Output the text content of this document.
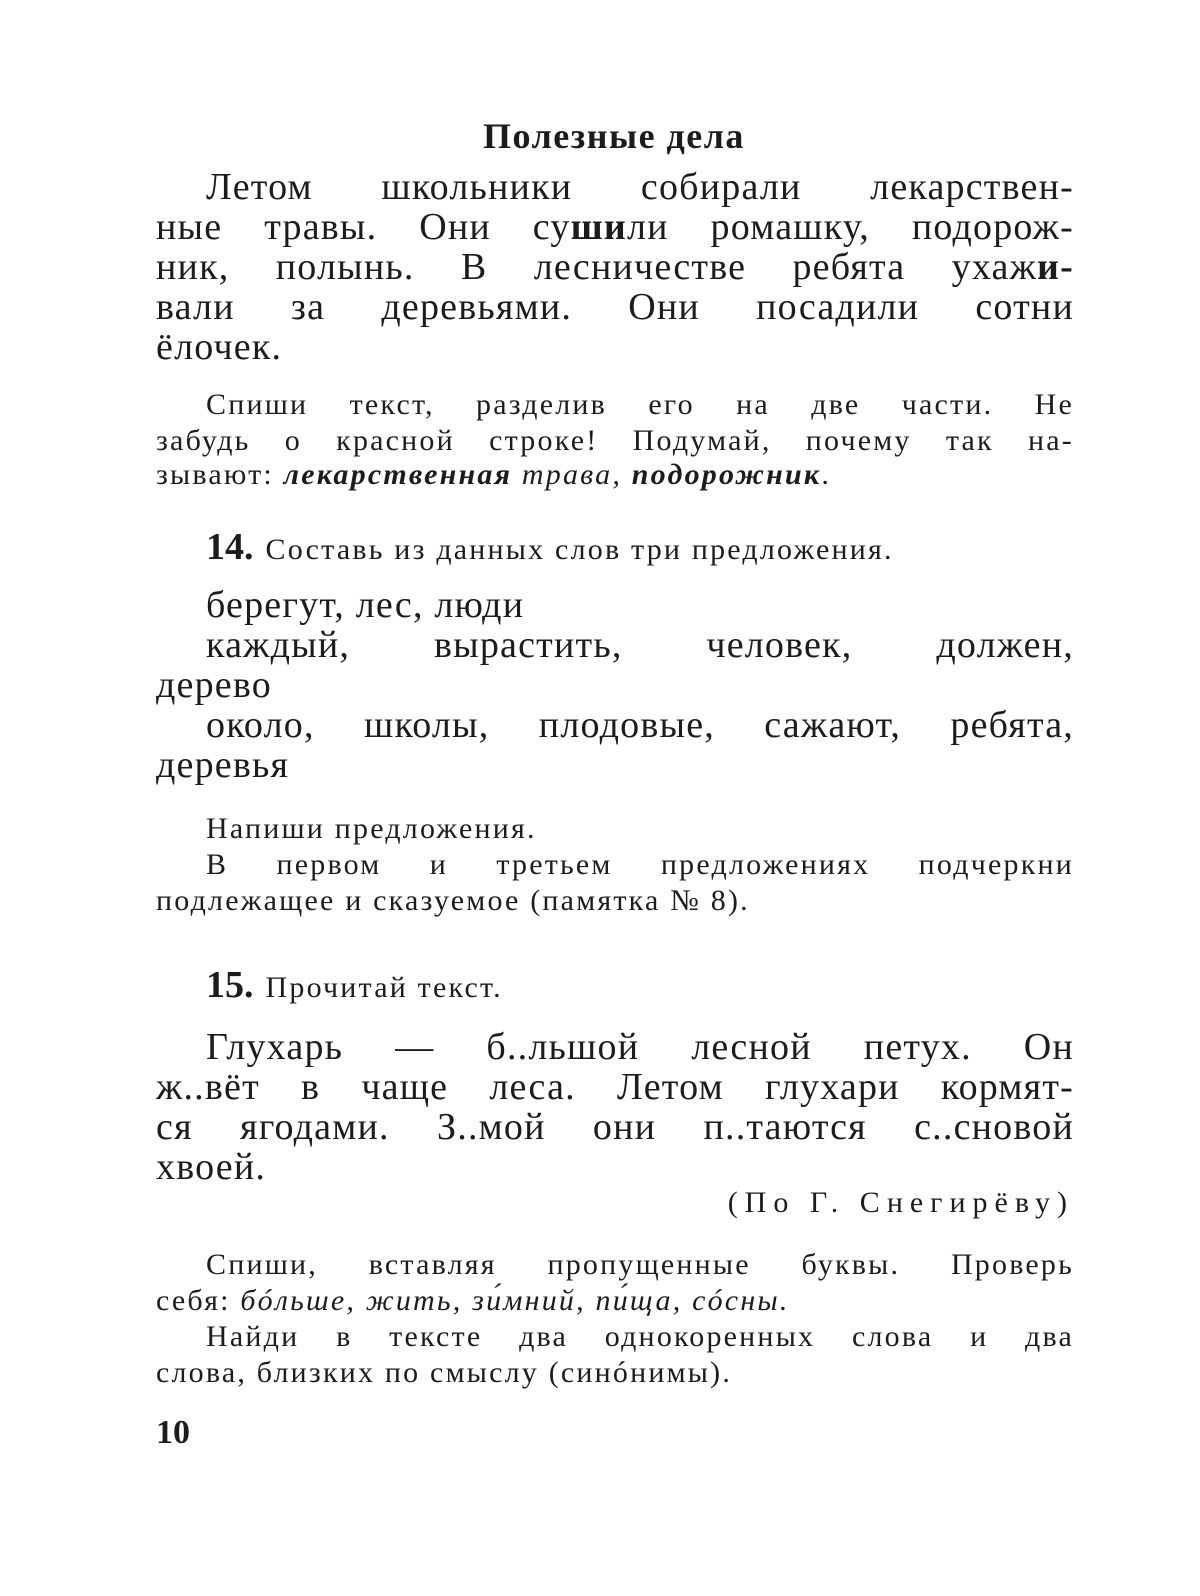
Полезные дела

Летом школьники собирали лекарствен-

ные травы. Они сушили ромашку, подорож-

ник, полынь. В лесничестве ребята ухажи-

вали за деревьями. Они посадили сотни

ёлочек.

Спиши текст, разделив его на две части. Не

забудь о красной строке! Подумай, почему так на-

зывают: лекарственная трава, подорожник.

14. Составь из данных слов три предложения.

берегут, лес, люди

каждый, вырастить, человек, должен,

дерево

около, школы, плодовые, сажают, ребята,

деревья

Напиши предложения.

В первом и третьем предложениях подчеркни

подлежащее и сказуемое (памятка № 8).

15. Прочитай текст.

Глухарь — б..льшой лесной петух. Он

ж..вёт в чаще леса. Летом глухари кормят-

ся ягодами. З..мой они п..таются с..сновой

хвоей.

(По Г. Снегирёву)

Спиши, вставляя пропущенные буквы. Проверь

себя: бóльше, жить, зи́мний, пи́ща, сóсны.

Найди в тексте два однокоренных слова и два

слова, близких по смыслу (синóнимы).

10
